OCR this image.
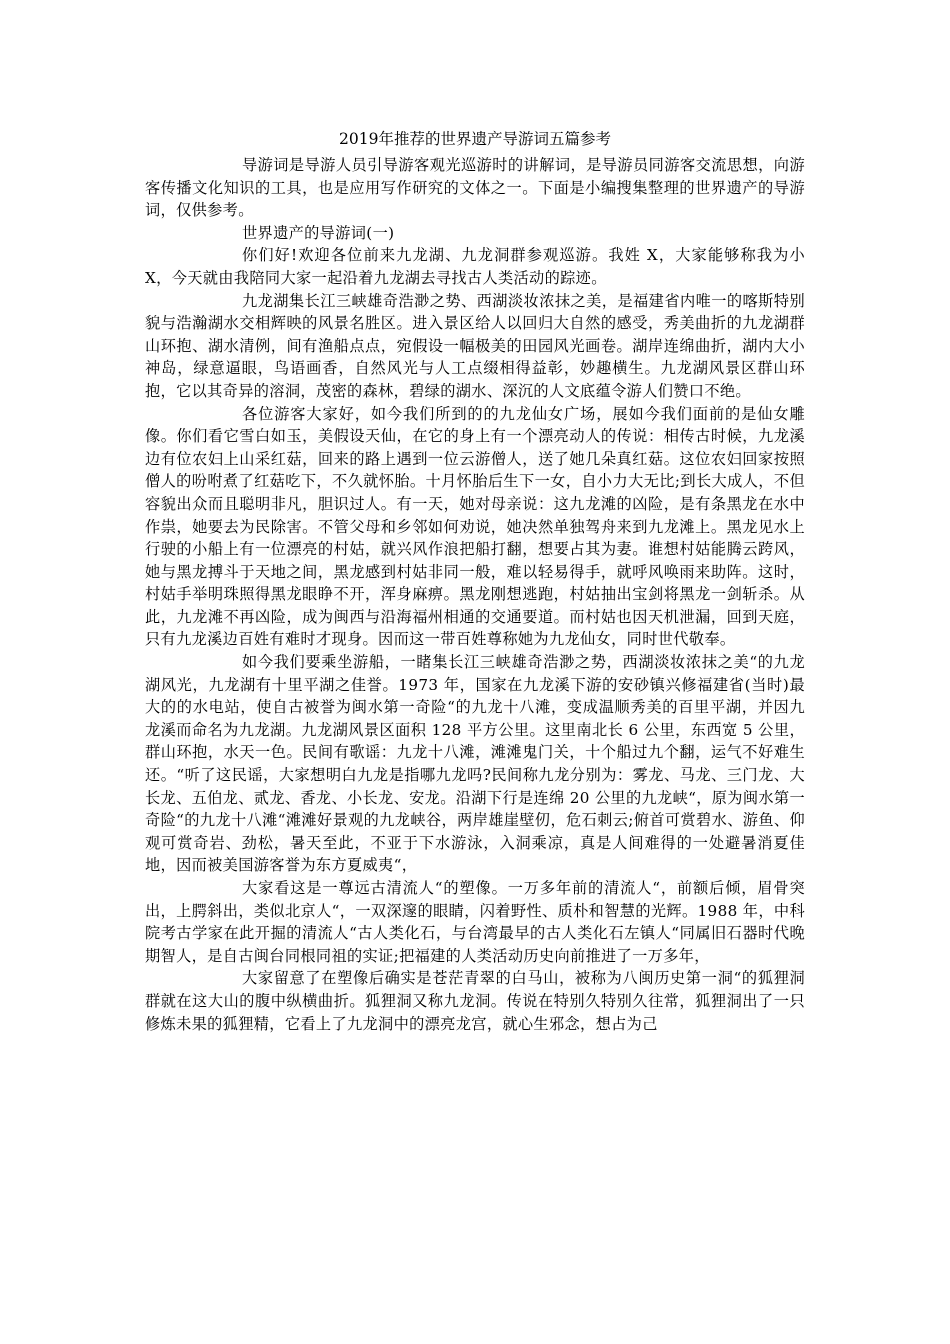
2019年推荐的世界遗产导游词五篇参考

导游词是导游人员引导游客观光巡游时的讲解词，是导游员同游客交流思想，向游客传播文化知识的工具，也是应用写作研究的文体之一。下面是小编搜集整理的世界遗产的导游词，仅供参考。

世界遗产的导游词(一)

你们好!欢迎各位前来九龙湖、九龙洞群参观巡游。我姓 X，大家能够称我为小 X，今天就由我陪同大家一起沿着九龙湖去寻找古人类活动的踪迹。

九龙湖集长江三峡雄奇浩渺之势、西湖淡妆浓抹之美，是福建省内唯一的喀斯特别貌与浩瀚湖水交相辉映的风景名胜区。进入景区给人以回归大自然的感受，秀美曲折的九龙湖群山环抱、湖水清例，间有渔船点点，宛假设一幅极美的田园风光画卷。湖岸连绵曲折，湖内大小神岛，绿意逼眼，鸟语画香，自然风光与人工点缀相得益彰，妙趣横生。九龙湖风景区群山环抱，它以其奇异的溶洞，茂密的森林，碧绿的湖水、深沉的人文底蕴令游人们赞口不绝。

各位游客大家好，如今我们所到的的九龙仙女广场，展如今我们面前的是仙女雕像。你们看它雪白如玉，美假设天仙，在它的身上有一个漂亮动人的传说：相传古时候，九龙溪边有位农妇上山采红菇，回来的路上遇到一位云游僧人，送了她几朵真红菇。这位农妇回家按照僧人的吩咐煮了红菇吃下，不久就怀胎。十月怀胎后生下一女，自小力大无比;到长大成人，不但容貌出众而且聪明非凡，胆识过人。有一天，她对母亲说：这九龙滩的凶险，是有条黑龙在水中作祟，她要去为民除害。不管父母和乡邻如何劝说，她决然单独驾舟来到九龙滩上。黑龙见水上行驶的小船上有一位漂亮的村姑，就兴风作浪把船打翻，想要占其为妻。谁想村姑能腾云跨风，她与黑龙搏斗于天地之间，黑龙感到村姑非同一般，难以轻易得手，就呼风唤雨来助阵。这时，村姑手举明珠照得黑龙眼睁不开，浑身麻痹。黑龙刚想逃跑，村姑抽出宝剑将黑龙一剑斩杀。从此，九龙滩不再凶险，成为闽西与沿海福州相通的交通要道。而村姑也因天机泄漏，回到天庭，只有九龙溪边百姓有难时才现身。因而这一带百姓尊称她为九龙仙女，同时世代敬奉。

如今我们要乘坐游船，一睹集长江三峡雄奇浩渺之势，西湖淡妆浓抹之美“的九龙湖风光，九龙湖有十里平湖之佳誉。1973 年，国家在九龙溪下游的安砂镇兴修福建省(当时)最大的的水电站，使自古被誉为闽水第一奇险“的九龙十八滩，变成温顺秀美的百里平湖，并因九龙溪而命名为九龙湖。九龙湖风景区面积 128 平方公里。这里南北长 6 公里，东西宽 5 公里，群山环抱，水天一色。民间有歌谣：九龙十八滩，滩滩鬼门关，十个船过九个翻，运气不好难生还。“听了这民谣，大家想明白九龙是指哪九龙吗?民间称九龙分别为：雾龙、马龙、三门龙、大长龙、五伯龙、贰龙、香龙、小长龙、安龙。沿湖下行是连绵 20 公里的九龙峡“，原为闽水第一奇险“的九龙十八滩“滩滩好景观的九龙峡谷，两岸雄崖壁仞，危石刺云;俯首可赏碧水、游鱼、仰观可赏奇岩、劲松，暑天至此，不亚于下水游泳，入洞乘凉，真是人间难得的一处避暑消夏佳地，因而被美国游客誉为东方夏威夷“，

大家看这是一尊远古清流人“的塑像。一万多年前的清流人“，前额后倾，眉骨突出，上腭斜出，类似北京人“，一双深邃的眼睛，闪着野性、质朴和智慧的光辉。1988 年，中科院考古学家在此开掘的清流人“古人类化石，与台湾最早的古人类化石左镇人“同属旧石器时代晚期智人，是自古闽台同根同祖的实证;把福建的人类活动历史向前推进了一万多年，

大家留意了在塑像后确实是苍茫青翠的白马山，被称为八闽历史第一洞“的狐狸洞群就在这大山的腹中纵横曲折。狐狸洞又称九龙洞。传说在特别久特别久往常，狐狸洞出了一只修炼未果的狐狸精，它看上了九龙洞中的漂亮龙宫，就心生邪念，想占为己
